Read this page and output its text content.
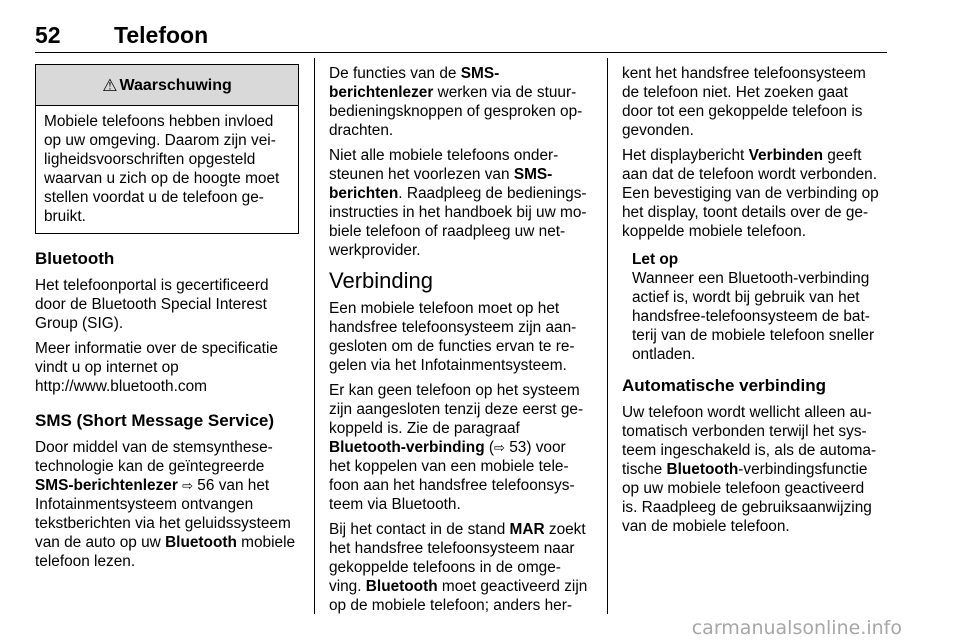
52 Telefoon
⚠ Waarschuwing
Mobiele telefoons hebben invloed
op uw omgeving. Daarom zijn vei-
ligheidsvoorschriften opgesteld
waarvan u zich op de hoogte moet
stellen voordat u de telefoon ge-
bruikt.
Bluetooth

Het telefoonportal is gecertificeerd
door de Bluetooth Special Interest
Group (SIG).

Meer informatie over de specificatie
vindt u op internet op
http://www.bluetooth.com

SMS (Short Message Service)

Door middel van de stemsynthese-
technologie kan de geïntegreerde
SMS-berichtenlezer ⇨ 56 van het
Infotainmentsysteem ontvangen
tekstberichten via het geluidssysteem
van de auto op uw Bluetooth mobiele
telefoon lezen.

De functies van de SMS-
berichtenlezer werken via de stuur-
bedieningsknoppen of gesproken op-
drachten.

Niet alle mobiele telefoons onder-
steunen het voorlezen van SMS-
berichten. Raadpleeg de bedienings-
instructies in het handboek bij uw mo-
biele telefoon of raadpleeg uw net-
werkprovider.

Verbinding

Een mobiele telefoon moet op het
handsfree telefoonsysteem zijn aan-
gesloten om de functies ervan te re-
gelen via het Infotainmentsysteem.

Er kan geen telefoon op het systeem
zijn aangesloten tenzij deze eerst ge-
koppeld is. Zie de paragraaf
Bluetooth-verbinding (⇨ 53) voor
het koppelen van een mobiele tele-
foon aan het handsfree telefoonsys-
teem via Bluetooth.

Bij het contact in de stand MAR zoekt
het handsfree telefoonsysteem naar
gekoppelde telefoons in de omge-
ving. Bluetooth moet geactiveerd zijn
op de mobiele telefoon; anders her-

kent het handsfree telefoonsysteem
de telefoon niet. Het zoeken gaat
door tot een gekoppelde telefoon is
gevonden.

Het displaybericht Verbinden geeft
aan dat de telefoon wordt verbonden.
Een bevestiging van de verbinding op
het display, toont details over de ge-
koppelde mobiele telefoon.

Let op
Wanneer een Bluetooth-verbinding
actief is, wordt bij gebruik van het
handsfree-telefoonsysteem de bat-
terij van de mobiele telefoon sneller
ontladen.
Automatische verbinding

Uw telefoon wordt wellicht alleen au-
tomatisch verbonden terwijl het sys-
teem ingeschakeld is, als de automa-
tische Bluetooth-verbindingsfunctie
op uw mobiele telefoon geactiveerd
is. Raadpleeg de gebruiksaanwijzing
van de mobiele telefoon.

carmanualsonline.info
